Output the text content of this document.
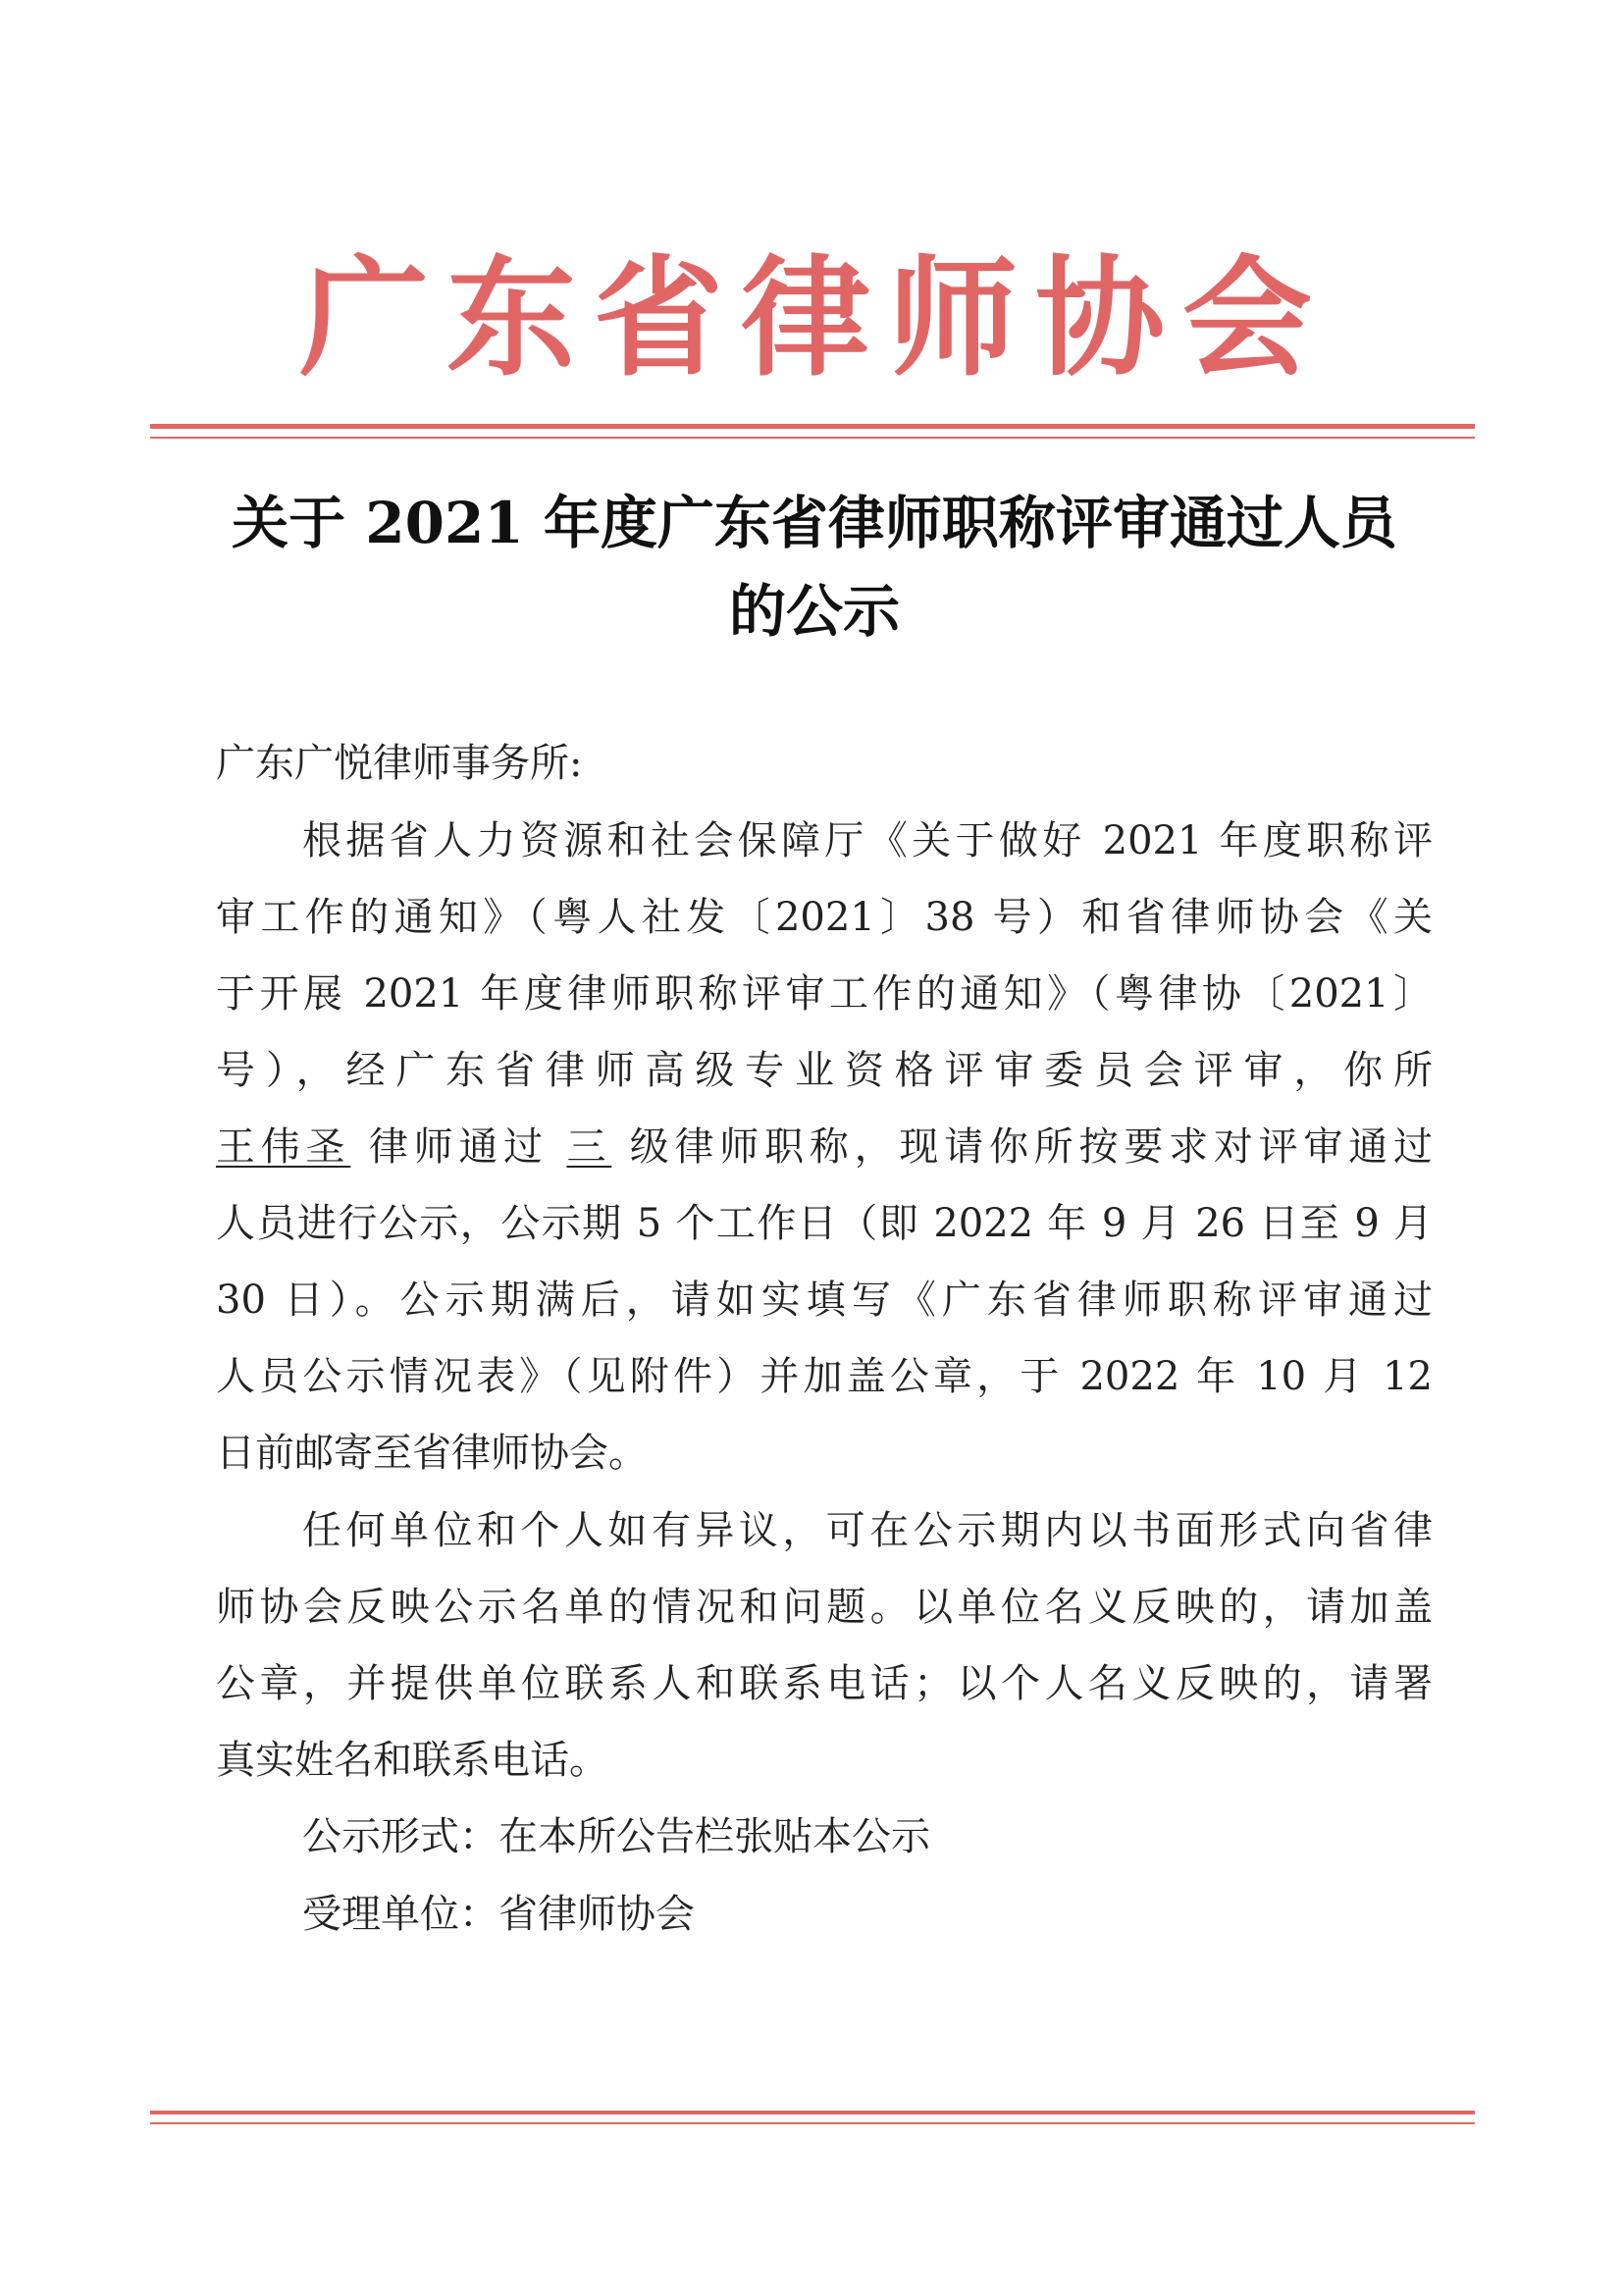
广东省律师协会
关于 2021 年度广东省律师职称评审通过人员
的公示
广东广悦律师事务所:
根据省人力资源和社会保障厅《关于做好 2021 年度职称评
审工作的通知》（粤人社发〔2021〕38 号）和省律师协会《关
于开展 2021 年度律师职称评审工作的通知》（粤律协〔2021〕
号），经广东省律师高级专业资格评审委员会评审，你所
王伟圣 律师通过 三 级律师职称，现请你所按要求对评审通过
人员进行公示，公示期 5 个工作日（即 2022 年 9 月 26 日至 9 月
30 日）。公示期满后，请如实填写《广东省律师职称评审通过
人员公示情况表》（见附件）并加盖公章，于 2022 年 10 月 12
日前邮寄至省律师协会。
任何单位和个人如有异议，可在公示期内以书面形式向省律
师协会反映公示名单的情况和问题。以单位名义反映的，请加盖
公章，并提供单位联系人和联系电话；以个人名义反映的，请署
真实姓名和联系电话。
公示形式：在本所公告栏张贴本公示
受理单位：省律师协会
